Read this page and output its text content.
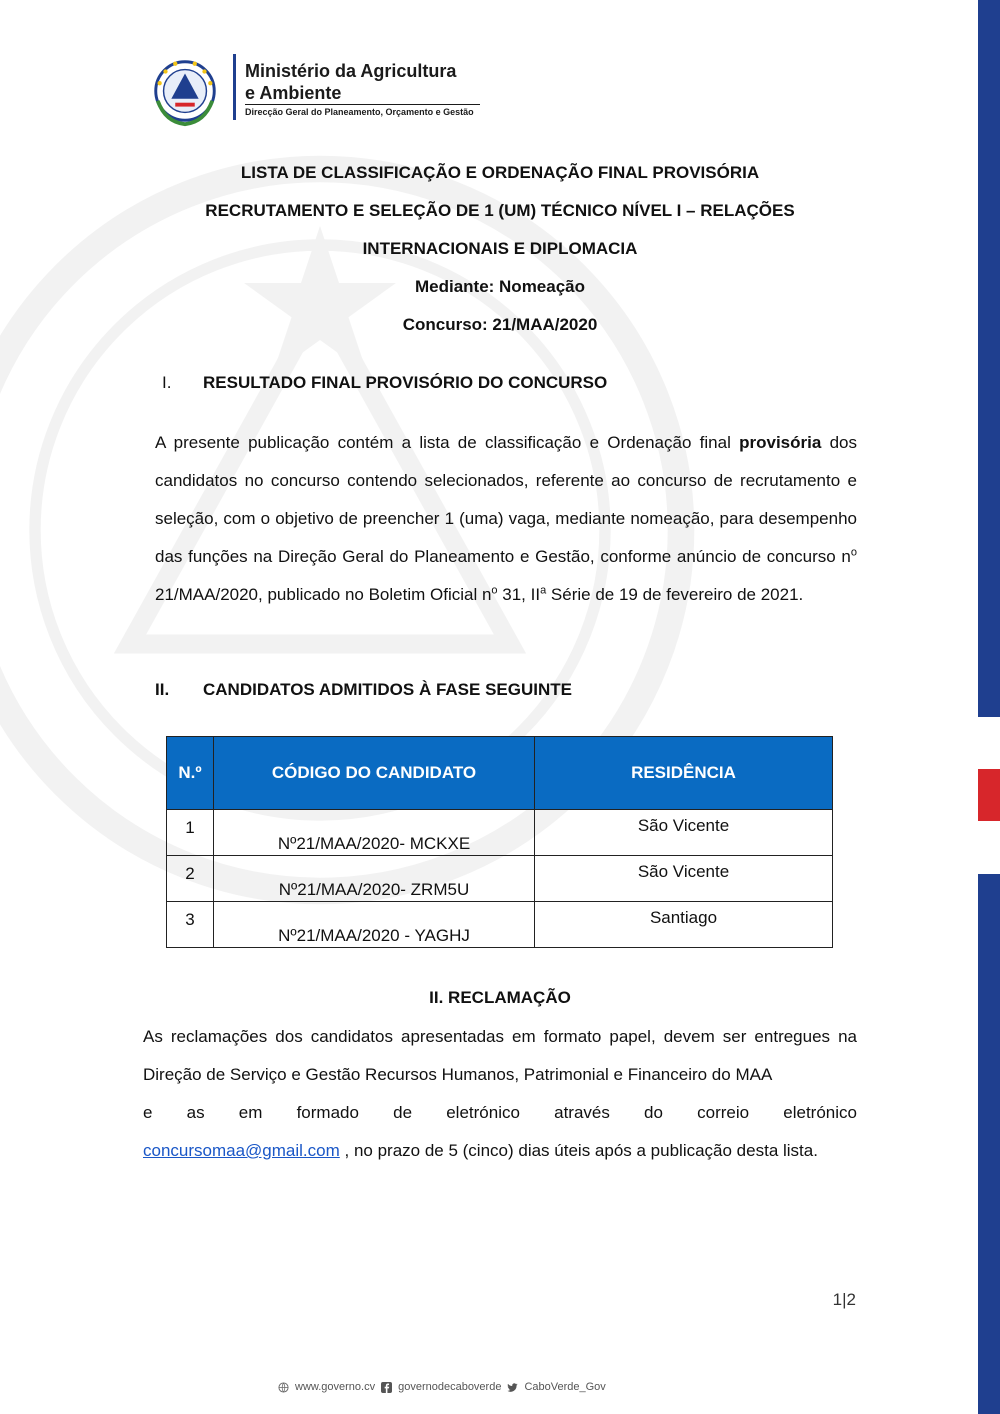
Ministério da Agricultura
e Ambiente
Direcção Geral do Planeamento, Orçamento e Gestão
LISTA DE CLASSIFICAÇÃO E ORDENAÇÃO FINAL PROVISÓRIA
RECRUTAMENTO E SELEÇÃO DE 1 (UM) TÉCNICO NÍVEL I – RELAÇÕES
INTERNACIONAIS E DIPLOMACIA
Mediante: Nomeação
Concurso: 21/MAA/2020
I. RESULTADO FINAL PROVISÓRIO DO CONCURSO
A presente publicação contém a lista de classificação e Ordenação final provisória dos candidatos no concurso contendo selecionados, referente ao concurso de recrutamento e seleção, com o objetivo de preencher 1 (uma) vaga, mediante nomeação, para desempenho das funções na Direção Geral do Planeamento e Gestão, conforme anúncio de concurso $n^o$ 21/MAA/2020, publicado no Boletim Oficial $n^o$ 31, $II^a$ Série de 19 de fevereiro de 2021.
II. CANDIDATOS ADMITIDOS À FASE SEGUINTE
N.º	CÓDIGO DO CANDIDATO	RESIDÊNCIA
1	Nº21/MAA/2020- MCKXE	São Vicente
2	Nº21/MAA/2020- ZRM5U	São Vicente
3	Nº21/MAA/2020 - YAGHJ	Santiago
II. RECLAMAÇÃO
As reclamações dos candidatos apresentadas em formato papel, devem ser entregues na Direção de Serviço e Gestão Recursos Humanos, Patrimonial e Financeiro do MAA
e as em formado de eletrónico através do correio eletrónico
concursomaa@gmail.com , no prazo de 5 (cinco) dias úteis após a publicação desta lista.
1|2
www.governo.cv governodecaboverde CaboVerde_Gov
